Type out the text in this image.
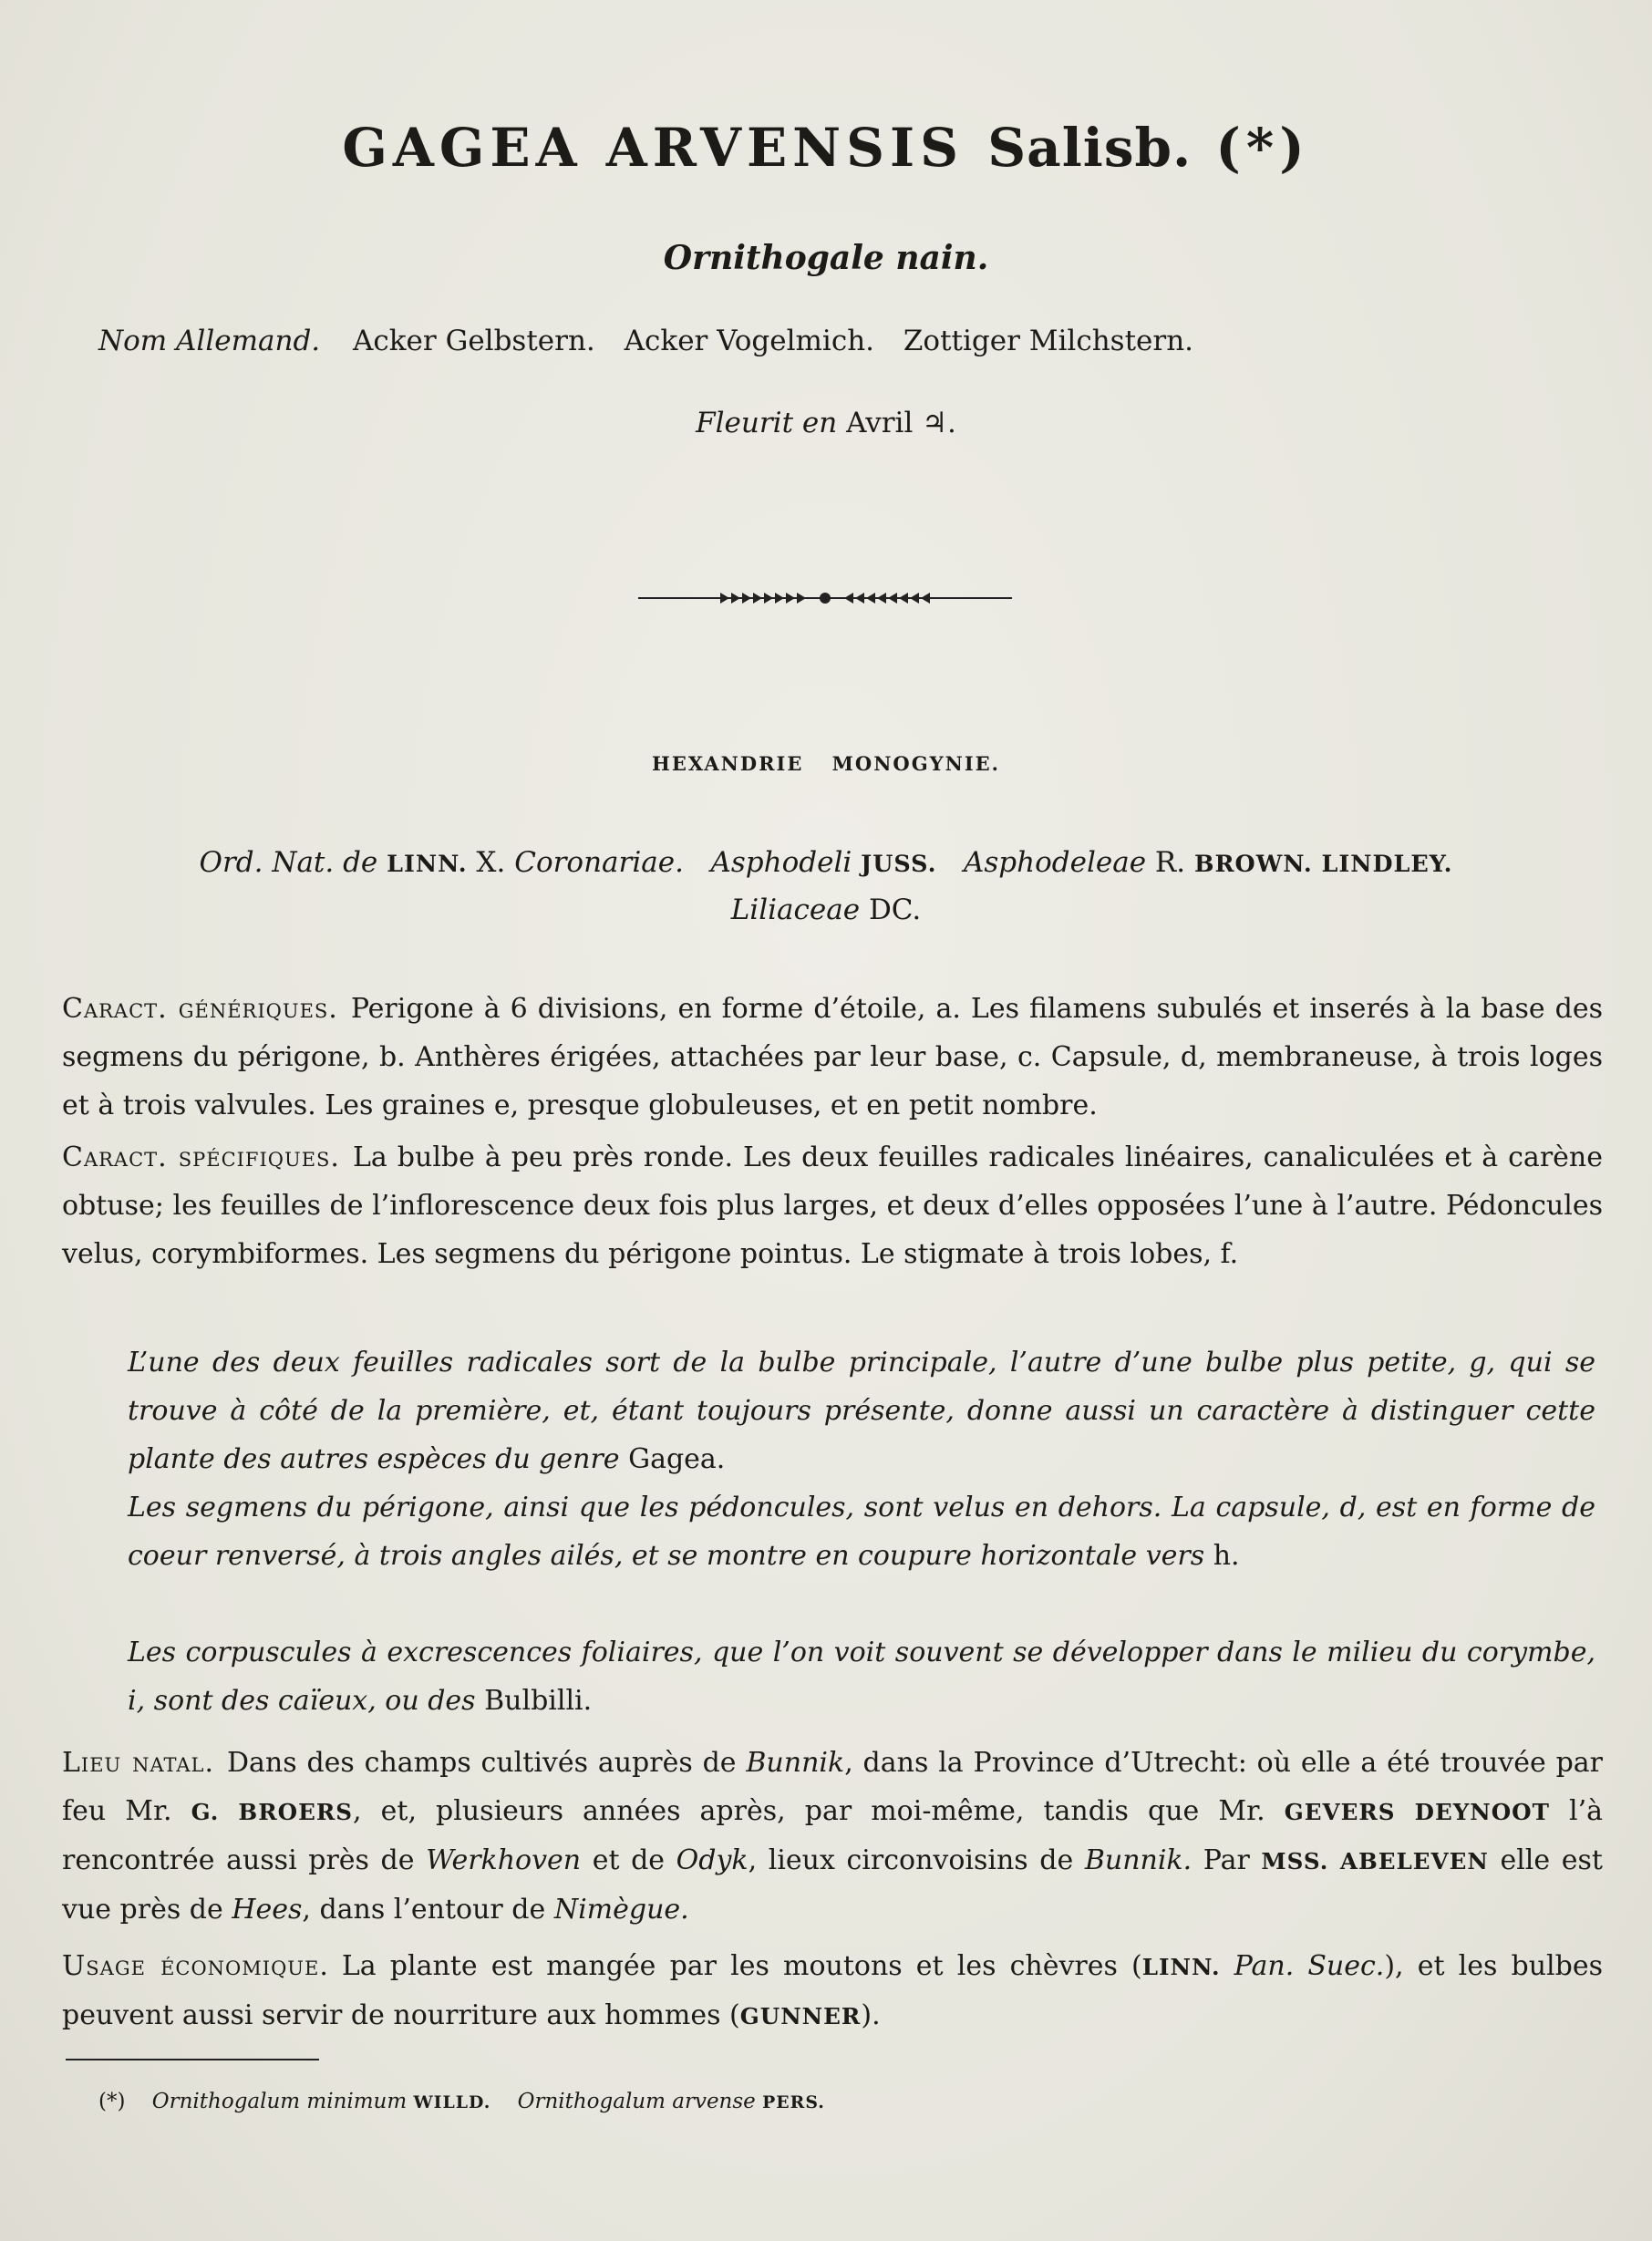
GAGEA ARVENSIS Salisb. (*)
Ornithogale nain.
Nom Allemand. Acker Gelbstern. Acker Vogelmich. Zottiger Milchstern.
Fleurit en Avril ♃.
HEXANDRIE MONOGYNIE.
Ord. Nat. de LINN. X. Coronariae. Asphodeli JUSS. Asphodeleae R. BROWN. LINDLEY.
Liliaceae DC.
Caract. génériques. Perigone à 6 divisions, en forme d’étoile, a. Les filamens subulés et inserés à la base des segmens du périgone, b. Anthères érigées, attachées par leur base, c. Capsule, d, membraneuse, à trois loges et à trois valvules. Les graines e, presque globuleuses, et en petit nombre.
Caract. spécifiques. La bulbe à peu près ronde. Les deux feuilles radicales linéaires, canaliculées et à carène obtuse; les feuilles de l’inflorescence deux fois plus larges, et deux d’elles opposées l’une à l’autre. Pédoncules velus, corymbiformes. Les segmens du périgone pointus. Le stigmate à trois lobes, f.
L’une des deux feuilles radicales sort de la bulbe principale, l’autre d’une bulbe plus petite, g, qui se trouve à côté de la première, et, étant toujours présente, donne aussi un caractère à distinguer cette plante des autres espèces du genre Gagea.
Les segmens du périgone, ainsi que les pédoncules, sont velus en dehors. La capsule, d, est en forme de coeur renversé, à trois angles ailés, et se montre en coupure horizontale vers h.
Les corpuscules à excrescences foliaires, que l’on voit souvent se développer dans le milieu du corymbe, i, sont des caïeux, ou des Bulbilli.
Lieu natal. Dans des champs cultivés auprès de Bunnik, dans la Province d’Utrecht: où elle a été trouvée par feu Mr. G. BROERS, et, plusieurs années après, par moi-même, tandis que Mr. GEVERS DEYNOOT l’à rencontrée aussi près de Werkhoven et de Odyk, lieux circonvoisins de Bunnik. Par MSS. ABELEVEN elle est vue près de Hees, dans l’entour de Nimègue.
Usage économique. La plante est mangée par les moutons et les chèvres (LINN. Pan. Suec.), et les bulbes peuvent aussi servir de nourriture aux hommes (GUNNER).
(*) Ornithogalum minimum WILLD. Ornithogalum arvense PERS.
